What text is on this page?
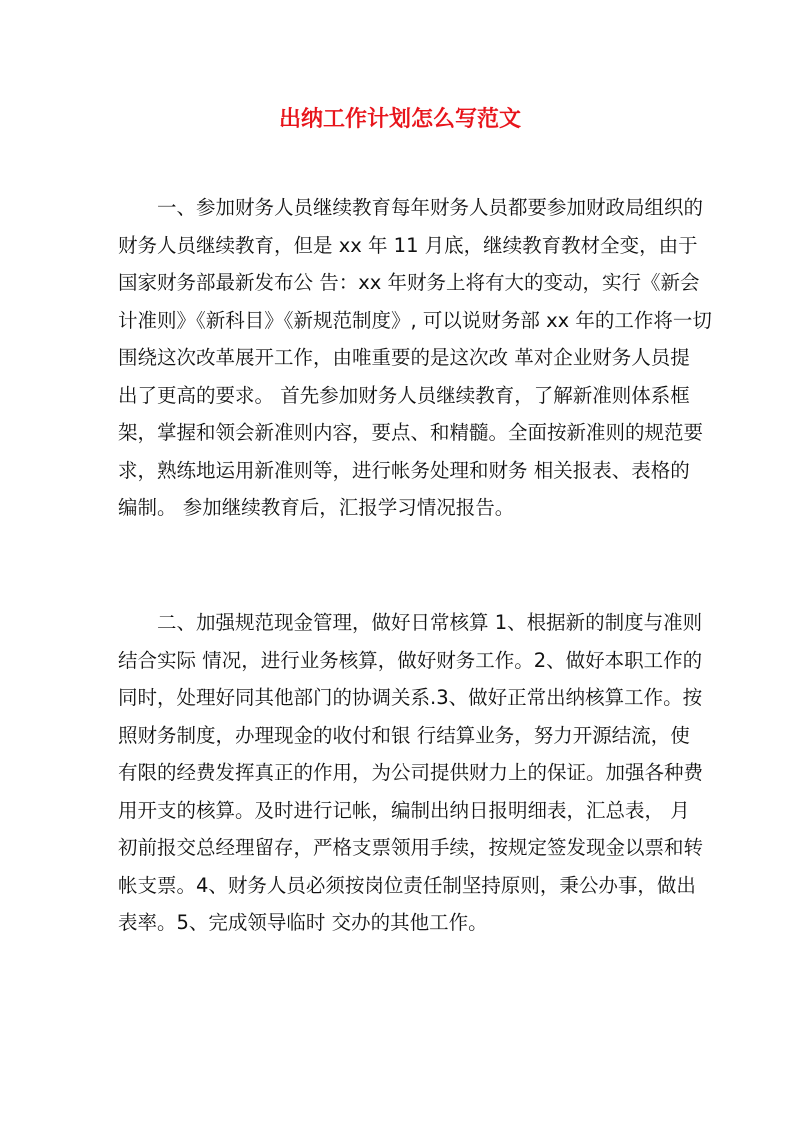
出纳工作计划怎么写范文

　　一、参加财务人员继续教育每年财务人员都要参加财政局组织的
财务人员继续教育，但是 xx 年 11 月底，继续教育教材全变，由于
国家财务部最新发布公 告：xx 年财务上将有大的变动，实行《新会
计准则》《新科目》《新规范制度》, 可以说财务部 xx 年的工作将一切
围绕这次改革展开工作，由唯重要的是这次改 革对企业财务人员提
出了更高的要求。 首先参加财务人员继续教育，了解新准则体系框
架，掌握和领会新准则内容，要点、和精髓。全面按新准则的规范要
求，熟练地运用新准则等，进行帐务处理和财务 相关报表、表格的
编制。 参加继续教育后，汇报学习情况报告。

　　二、加强规范现金管理，做好日常核算 1、根据新的制度与准则
结合实际 情况，进行业务核算，做好财务工作。2、做好本职工作的
同时，处理好同其他部门的协调关系.3、做好正常出纳核算工作。按
照财务制度，办理现金的收付和银 行结算业务，努力开源结流，使
有限的经费发挥真正的作用，为公司提供财力上的保证。加强各种费
用开支的核算。及时进行记帐，编制出纳日报明细表，汇总表， 月
初前报交总经理留存，严格支票领用手续，按规定签发现金以票和转
帐支票。4、财务人员必须按岗位责任制坚持原则，秉公办事，做出
表率。5、完成领导临时 交办的其他工作。
